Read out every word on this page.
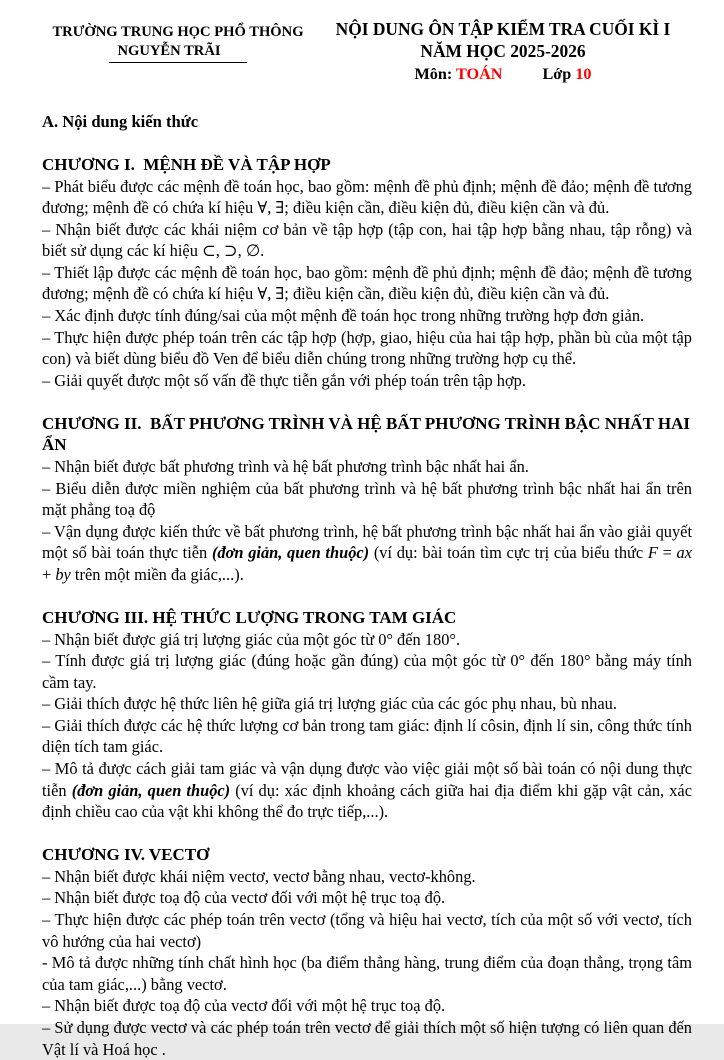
TRƯỜNG TRUNG HỌC PHỔ THÔNG
NGUYỄN TRÃI
NỘI DUNG ÔN TẬP KIỂM TRA CUỐI KÌ I
NĂM HỌC 2025-2026
Môn: TOÁN Lớp 10
A. Nội dung kiến thức
CHƯƠNG I.  MỆNH ĐỀ VÀ TẬP HỢP

– Phát biểu được các mệnh đề toán học, bao gồm: mệnh đề phủ định; mệnh đề đảo; mệnh đề tương đương; mệnh đề có chứa kí hiệu ∀, ∃; điều kiện cần, điều kiện đủ, điều kiện cần và đủ.

– Nhận biết được các khái niệm cơ bản về tập hợp (tập con, hai tập hợp bằng nhau, tập rỗng) và biết sử dụng các kí hiệu ⊂, ⊃, ∅.

– Thiết lập được các mệnh đề toán học, bao gồm: mệnh đề phủ định; mệnh đề đảo; mệnh đề tương đương; mệnh đề có chứa kí hiệu ∀, ∃; điều kiện cần, điều kiện đủ, điều kiện cần và đủ.

– Xác định được tính đúng/sai của một mệnh đề toán học trong những trường hợp đơn giản.

– Thực hiện được phép toán trên các tập hợp (hợp, giao, hiệu của hai tập hợp, phần bù của một tập con) và biết dùng biểu đồ Ven để biểu diễn chúng trong những trường hợp cụ thể.

– Giải quyết được một số vấn đề thực tiễn gắn với phép toán trên tập hợp.

CHƯƠNG II.  BẤT PHƯƠNG TRÌNH VÀ HỆ BẤT PHƯƠNG TRÌNH BẬC NHẤT HAI ẨN

– Nhận biết được bất phương trình và hệ bất phương trình bậc nhất hai ẩn.

– Biểu diễn được miền nghiệm của bất phương trình và hệ bất phương trình bậc nhất hai ẩn trên mặt phẳng toạ độ

– Vận dụng được kiến thức về bất phương trình, hệ bất phương trình bậc nhất hai ẩn vào giải quyết một số bài toán thực tiễn (đơn giản, quen thuộc) (ví dụ: bài toán tìm cực trị của biểu thức F = ax + by trên một miền đa giác,...).

CHƯƠNG III. HỆ THỨC LƯỢNG TRONG TAM GIÁC

– Nhận biết được giá trị lượng giác của một góc từ 0° đến 180°.

– Tính được giá trị lượng giác (đúng hoặc gần đúng) của một góc từ 0° đến 180° bằng máy tính cầm tay.

– Giải thích được hệ thức liên hệ giữa giá trị lượng giác của các góc phụ nhau, bù nhau.

– Giải thích được các hệ thức lượng cơ bản trong tam giác: định lí côsin, định lí sin, công thức tính diện tích tam giác.

– Mô tả được cách giải tam giác và vận dụng được vào việc giải một số bài toán có nội dung thực tiễn (đơn giản, quen thuộc) (ví dụ: xác định khoảng cách giữa hai địa điểm khi gặp vật cản, xác định chiều cao của vật khi không thể đo trực tiếp,...).

CHƯƠNG IV. VECTƠ

– Nhận biết được khái niệm vectơ, vectơ bằng nhau, vectơ-không.

– Nhận biết được toạ độ của vectơ đối với một hệ trục toạ độ.

– Thực hiện được các phép toán trên vectơ (tổng và hiệu hai vectơ, tích của một số với vectơ, tích vô hướng của hai vectơ)

- Mô tả được những tính chất hình học (ba điểm thẳng hàng, trung điểm của đoạn thẳng, trọng tâm của tam giác,...) bằng vectơ.

– Nhận biết được toạ độ của vectơ đối với một hệ trục toạ độ.

– Sử dụng được vectơ và các phép toán trên vectơ để giải thích một số hiện tượng có liên quan đến Vật lí và Hoá học .
